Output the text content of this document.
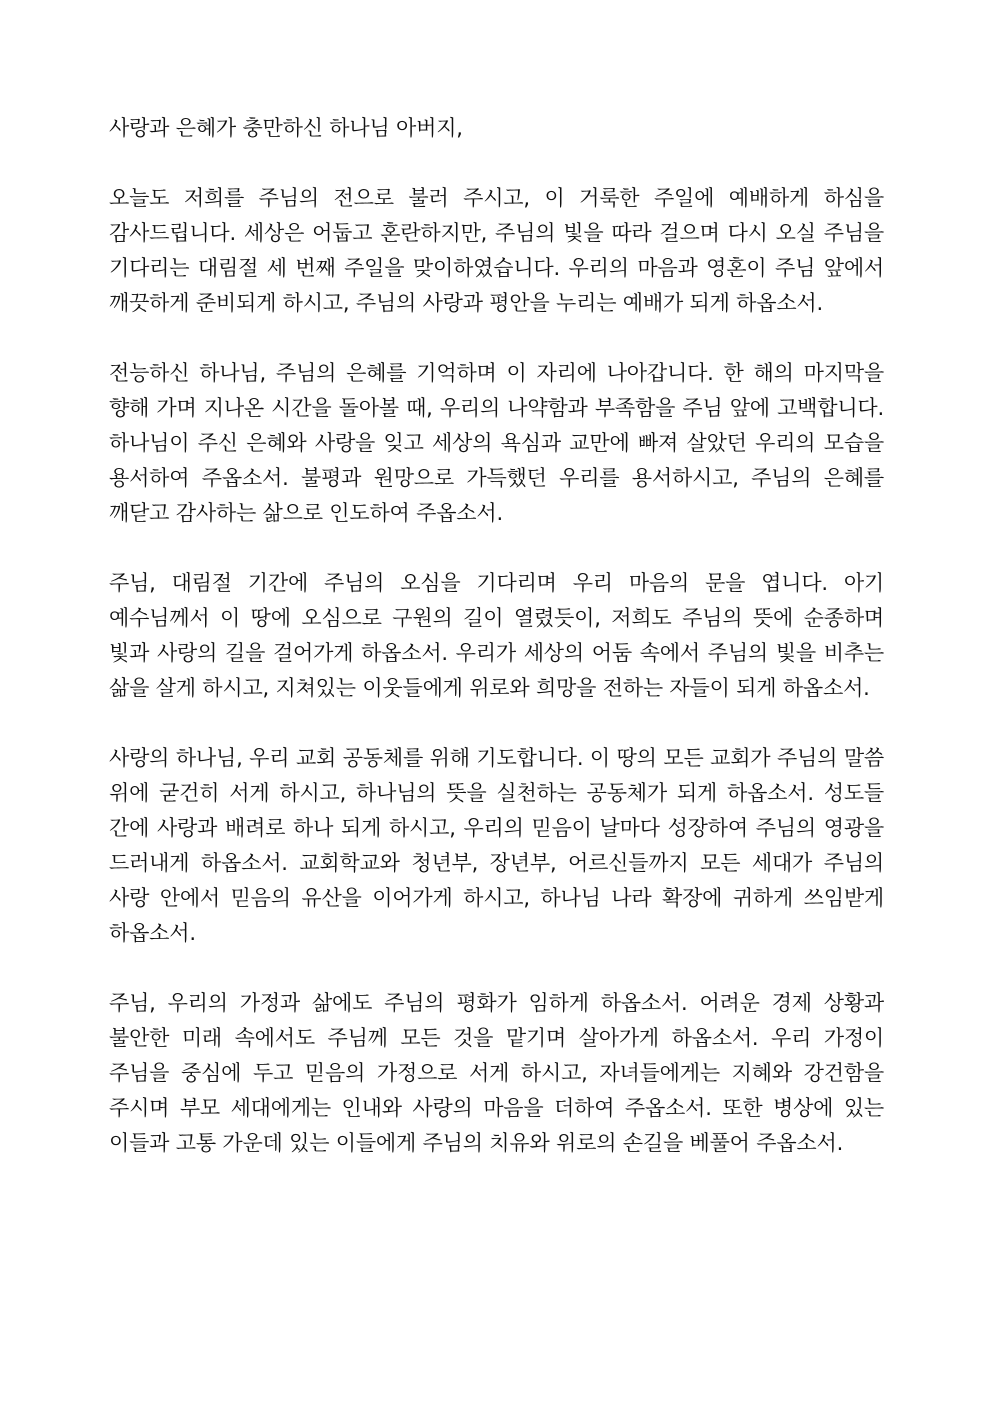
사랑과 은혜가 충만하신 하나님 아버지,

오늘도 저희를 주님의 전으로 불러 주시고, 이 거룩한 주일에 예배하게 하심을 감사드립니다. 세상은 어둡고 혼란하지만, 주님의 빛을 따라 걸으며 다시 오실 주님을 기다리는 대림절 세 번째 주일을 맞이하였습니다. 우리의 마음과 영혼이 주님 앞에서 깨끗하게 준비되게 하시고, 주님의 사랑과 평안을 누리는 예배가 되게 하옵소서.

전능하신 하나님, 주님의 은혜를 기억하며 이 자리에 나아갑니다. 한 해의 마지막을 향해 가며 지나온 시간을 돌아볼 때, 우리의 나약함과 부족함을 주님 앞에 고백합니다. 하나님이 주신 은혜와 사랑을 잊고 세상의 욕심과 교만에 빠져 살았던 우리의 모습을 용서하여 주옵소서. 불평과 원망으로 가득했던 우리를 용서하시고, 주님의 은혜를 깨닫고 감사하는 삶으로 인도하여 주옵소서.

주님, 대림절 기간에 주님의 오심을 기다리며 우리 마음의 문을 엽니다. 아기 예수님께서 이 땅에 오심으로 구원의 길이 열렸듯이, 저희도 주님의 뜻에 순종하며 빛과 사랑의 길을 걸어가게 하옵소서. 우리가 세상의 어둠 속에서 주님의 빛을 비추는 삶을 살게 하시고, 지쳐있는 이웃들에게 위로와 희망을 전하는 자들이 되게 하옵소서.

사랑의 하나님, 우리 교회 공동체를 위해 기도합니다. 이 땅의 모든 교회가 주님의 말씀 위에 굳건히 서게 하시고, 하나님의 뜻을 실천하는 공동체가 되게 하옵소서. 성도들 간에 사랑과 배려로 하나 되게 하시고, 우리의 믿음이 날마다 성장하여 주님의 영광을 드러내게 하옵소서. 교회학교와 청년부, 장년부, 어르신들까지 모든 세대가 주님의 사랑 안에서 믿음의 유산을 이어가게 하시고, 하나님 나라 확장에 귀하게 쓰임받게 하옵소서.

주님, 우리의 가정과 삶에도 주님의 평화가 임하게 하옵소서. 어려운 경제 상황과 불안한 미래 속에서도 주님께 모든 것을 맡기며 살아가게 하옵소서. 우리 가정이 주님을 중심에 두고 믿음의 가정으로 서게 하시고, 자녀들에게는 지혜와 강건함을 주시며 부모 세대에게는 인내와 사랑의 마음을 더하여 주옵소서. 또한 병상에 있는 이들과 고통 가운데 있는 이들에게 주님의 치유와 위로의 손길을 베풀어 주옵소서.
